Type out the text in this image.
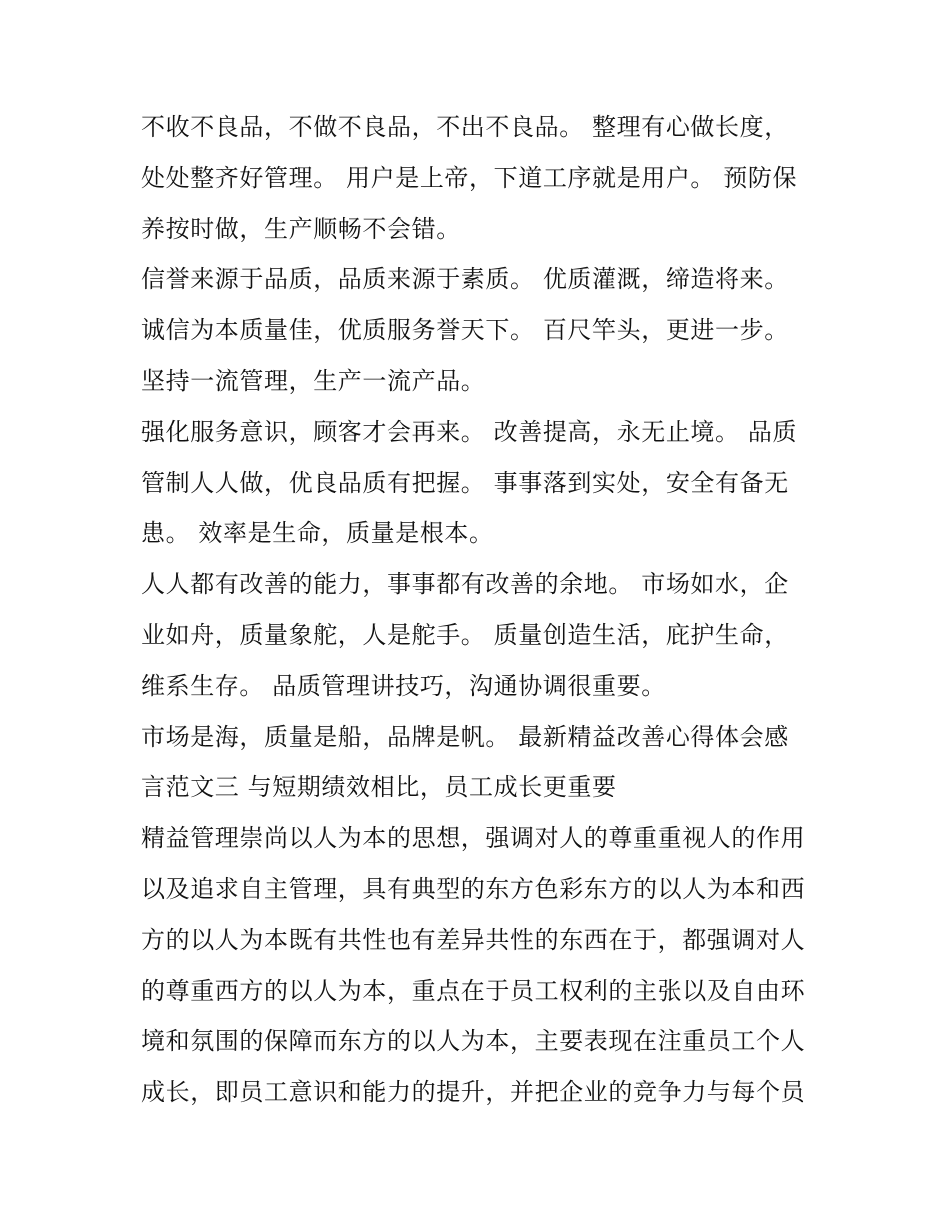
不收不良品，不做不良品，不出不良品。 整理有心做长度，
处处整齐好管理。 用户是上帝，下道工序就是用户。 预防保
养按时做，生产顺畅不会错。
信誉来源于品质，品质来源于素质。 优质灌溉，缔造将来。
诚信为本质量佳，优质服务誉天下。 百尺竿头，更进一步。
坚持一流管理，生产一流产品。
强化服务意识，顾客才会再来。 改善提高，永无止境。 品质
管制人人做，优良品质有把握。 事事落到实处，安全有备无
患。 效率是生命，质量是根本。
人人都有改善的能力，事事都有改善的余地。 市场如水，企
业如舟，质量象舵，人是舵手。 质量创造生活，庇护生命，
维系生存。 品质管理讲技巧，沟通协调很重要。
市场是海，质量是船，品牌是帆。 最新精益改善心得体会感
言范文三 与短期绩效相比，员工成长更重要
精益管理崇尚以人为本的思想，强调对人的尊重重视人的作用
以及追求自主管理，具有典型的东方色彩东方的以人为本和西
方的以人为本既有共性也有差异共性的东西在于，都强调对人
的尊重西方的以人为本，重点在于员工权利的主张以及自由环
境和氛围的保障而东方的以人为本，主要表现在注重员工个人
成长，即员工意识和能力的提升，并把企业的竞争力与每个员
